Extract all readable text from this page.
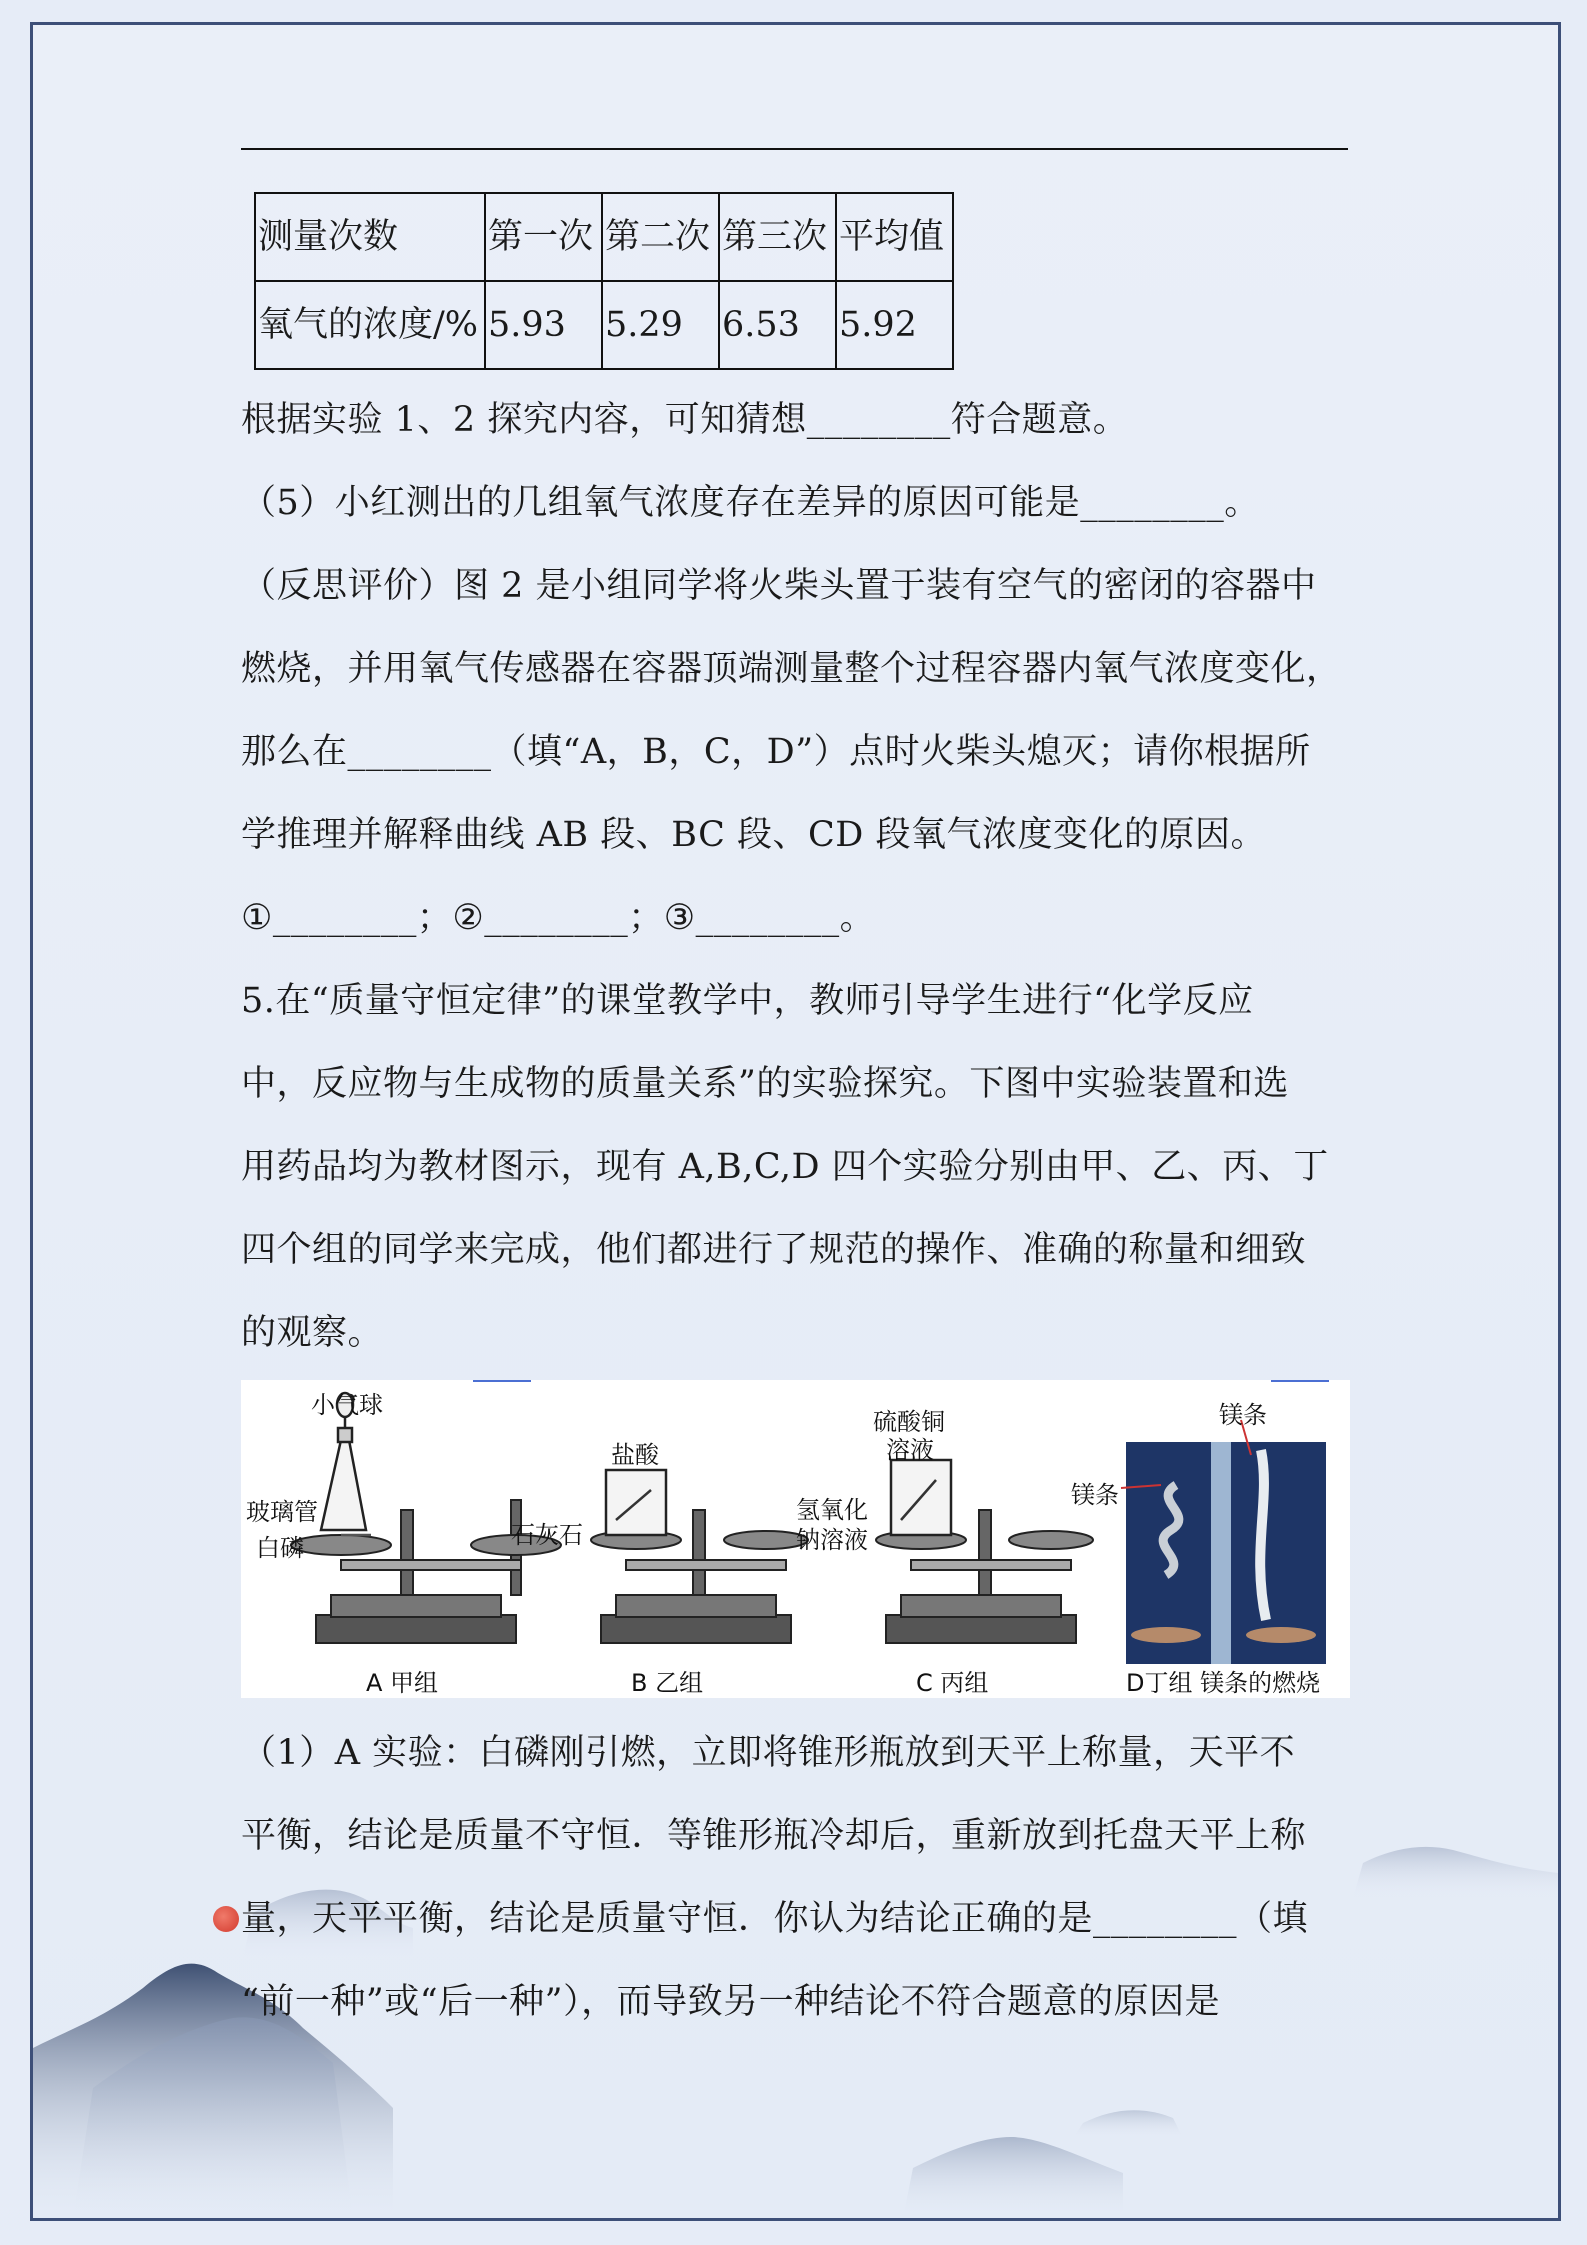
测量次数	第一次	第二次	第三次	平均值
氧气的浓度/%	5.93	5.29	6.53	5.92
根据实验 1、2 探究内容，可知猜想________符合题意。
（5）小红测出的几组氧气浓度存在差异的原因可能是________。
（反思评价）图 2 是小组同学将火柴头置于装有空气的密闭的容器中
燃烧，并用氧气传感器在容器顶端测量整个过程容器内氧气浓度变化，
那么在________（填“A，B，C，D”）点时火柴头熄灭；请你根据所
学推理并解释曲线 AB 段、BC 段、CD 段氧气浓度变化的原因。
①________；②________；③________。
5.在“质量守恒定律”的课堂教学中，教师引导学生进行“化学反应
中，反应物与生成物的质量关系”的实验探究。下图中实验装置和选
用药品均为教材图示，现有 A,B,C,D 四个实验分别由甲、乙、丙、丁
四个组的同学来完成，他们都进行了规范的操作、准确的称量和细致
的观察。
小气球
玻璃管
白磷
盐酸
石灰石
硫酸铜
溶液
氢氧化
钠溶液
镁条
镁条
A 甲组	B 乙组	C 丙组	D丁组 镁条的燃烧
（1）A 实验：白磷刚引燃，立即将锥形瓶放到天平上称量，天平不
平衡，结论是质量不守恒．等锥形瓶冷却后，重新放到托盘天平上称
量，天平平衡，结论是质量守恒．你认为结论正确的是________（填
“前一种”或“后一种”），而导致另一种结论不符合题意的原因是
